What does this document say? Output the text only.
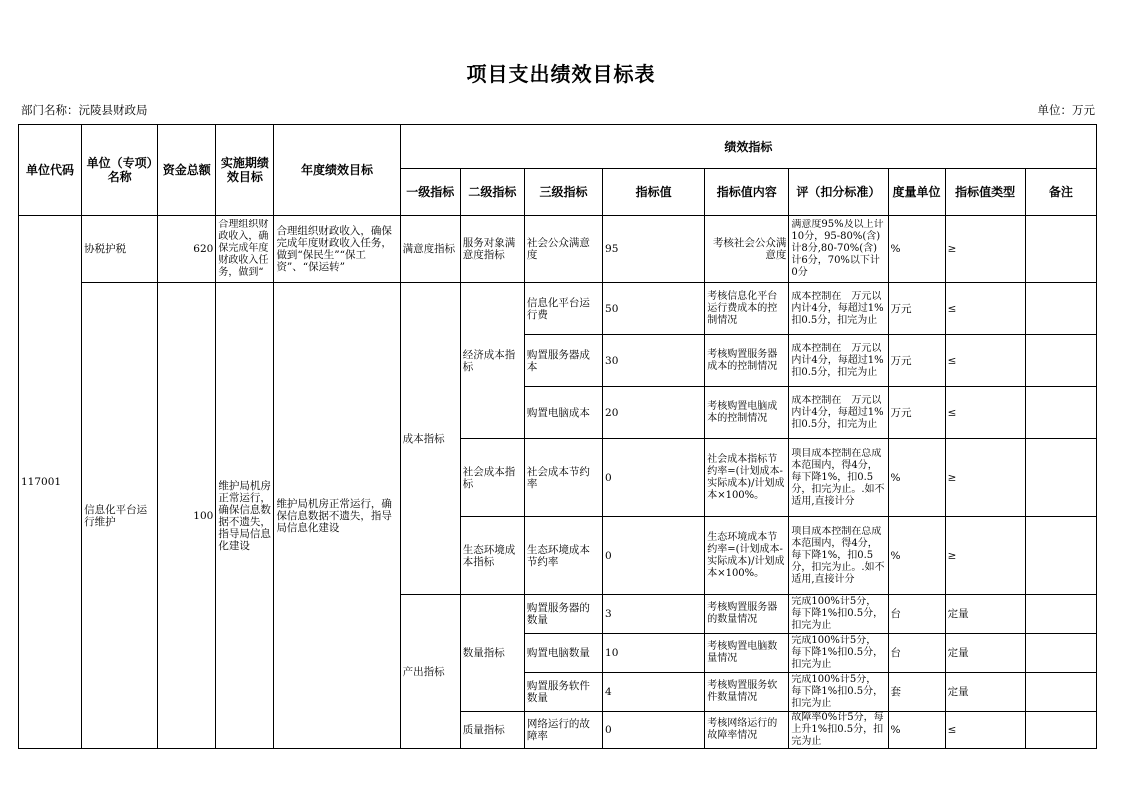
项目支出绩效目标表
部门名称：沅陵县财政局	单位：万元
单位代码	单位（专项）名称	资金总额	实施期绩效目标	年度绩效目标	绩效指标								
					一级指标	二级指标	三级指标	指标值	指标值内容	评（扣分标准）	度量单位	指标值类型	备注
117001	协税护税	620	合理组织财政收入，确保完成年度财政收入任务，做到“	合理组织财政收入，确保完成年度财政收入任务，做到“保民生”“保工资”、“保运转”	满意度指标	服务对象满意度指标	社会公众满意度	95	考核社会公众满意度	满意度95%及以上计10分，95-80%(含)计8分,80-70%(含)计6分，70%以下计0分	%	≥	
	信息化平台运行维护	100	维护局机房正常运行，确保信息数据不遗失，指导局信息化建设	维护局机房正常运行，确保信息数据不遗失，指导局信息化建设	成本指标	经济成本指标	信息化平台运行费	50	考核信息化平台运行费成本的控制情况	成本控制在　万元以内计4分，每超过1%扣0.5分，扣完为止	万元	≤	
							购置服务器成本	30	考核购置服务器成本的控制情况	成本控制在　万元以内计4分，每超过1%扣0.5分，扣完为止	万元	≤	
							购置电脑成本	20	考核购置电脑成本的控制情况	成本控制在　万元以内计4分，每超过1%扣0.5分，扣完为止	万元	≤	
						社会成本指标	社会成本节约率	0	社会成本指标节约率=(计划成本-实际成本)/计划成本×100%。	项目成本控制在总成本范围内，得4分，每下降1%，扣0.5分，扣完为止。.如不适用,直接计分	%	≥	
						生态环境成本指标	生态环境成本节约率	0	生态环境成本节约率=(计划成本-实际成本)/计划成本×100%。	项目成本控制在总成本范围内，得4分，每下降1%，扣0.5分，扣完为止。.如不适用,直接计分	%	≥	
					产出指标	数量指标	购置服务器的数量	3	考核购置服务器的数量情况	完成100%计5分，每下降1%扣0.5分，扣完为止	台	定量	
							购置电脑数量	10	考核购置电脑数量情况	完成100%计5分，每下降1%扣0.5分，扣完为止	台	定量	
							购置服务软件数量	4	考核购置服务软件数量情况	完成100%计5分，每下降1%扣0.5分，扣完为止	套	定量	
						质量指标	网络运行的故障率	0	考核网络运行的故障率情况	故障率0%计5分，每上升1%扣0.5分，扣完为止	%	≤	
